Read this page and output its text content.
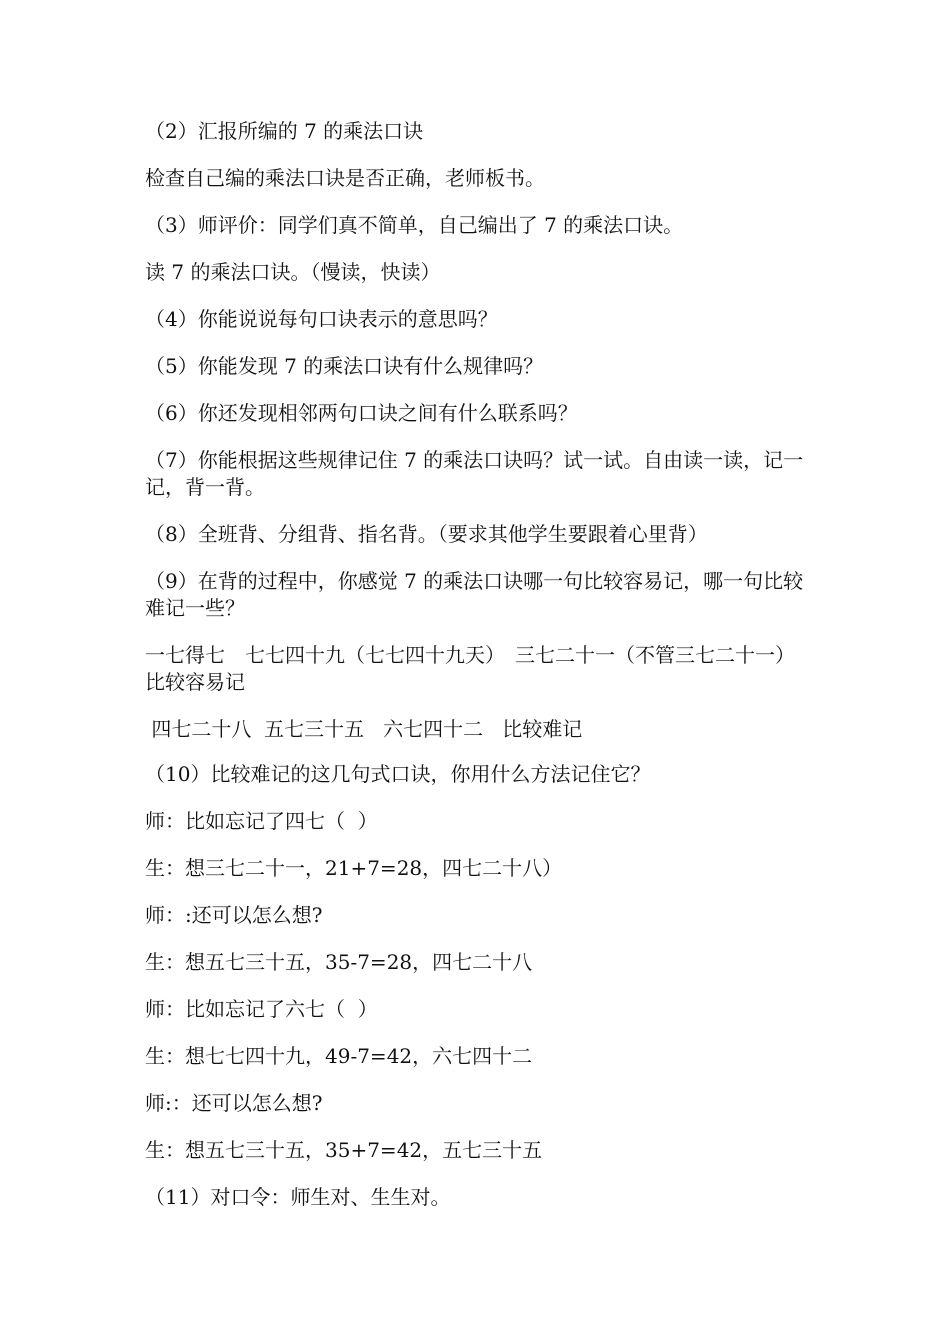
（2）汇报所编的 7 的乘法口诀

检查自己编的乘法口诀是否正确，老师板书。

（3）师评价：同学们真不简单，自己编出了 7 的乘法口诀。

读 7 的乘法口诀。（慢读，快读）

（4）你能说说每句口诀表示的意思吗？

（5）你能发现 7 的乘法口诀有什么规律吗？

（6）你还发现相邻两句口诀之间有什么联系吗？

（7）你能根据这些规律记住 7 的乘法口诀吗？试一试。自由读一读，记一记，背一背。

（8）全班背、分组背、指名背。（要求其他学生要跟着心里背）

（9）在背的过程中，你感觉 7 的乘法口诀哪一句比较容易记，哪一句比较难记一些？

一七得七　七七四十九（七七四十九天）　三七二十一（不管三七二十一）　比较容易记

四七二十八  五七三十五   六七四十二   比较难记

（10）比较难记的这几句式口诀，你用什么方法记住它？

师：比如忘记了四七（  ）

生：想三七二十一，21+7=28，四七二十八）

师：:还可以怎么想?

生：想五七三十五，35-7=28，四七二十八

师：比如忘记了六七（  ）

生：想七七四十九，49-7=42，六七四十二

师:：还可以怎么想?

生：想五七三十五，35+7=42，五七三十五

（11）对口令：师生对、生生对。
